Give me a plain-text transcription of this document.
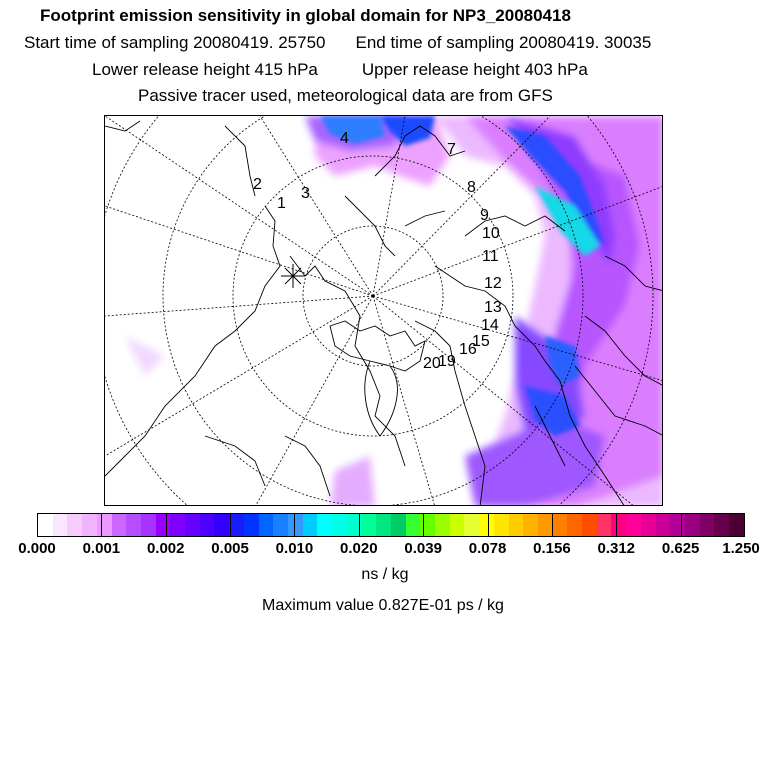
Footprint emission sensitivity in global domain for NP3_20080418
Start time of sampling 20080419. 25750 End time of sampling 20080419. 30035
Lower release height 415 hPa	Upper release height 403 hPa
Passive tracer used, meteorological data are from GFS
1
2
3
4
7
8
9
10
11
12
13
14
15
16
19
20
0.000 0.001 0.002 0.005 0.010 0.020 0.039 0.078 0.156 0.312 0.625 1.250
ns / kg
Maximum value 0.827E-01 ps / kg
